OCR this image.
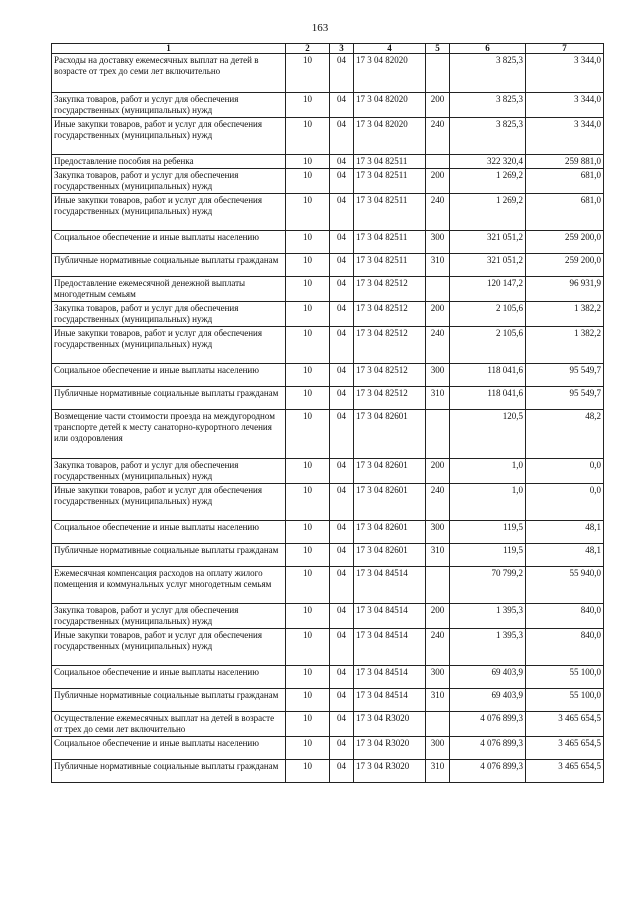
163
1	2	3	4	5	6	7
Расходы на доставку ежемесячных выплат на детей в возрасте от трех до семи лет включительно	10	04	17 3 04 82020		3 825,3	3 344,0
Закупка товаров, работ и услуг для обеспечения государственных (муниципальных) нужд	10	04	17 3 04 82020	200	3 825,3	3 344,0
Иные закупки товаров, работ и услуг для обеспечения государственных (муниципальных) нужд	10	04	17 3 04 82020	240	3 825,3	3 344,0
Предоставление пособия на ребенка	10	04	17 3 04 82511		322 320,4	259 881,0
Закупка товаров, работ и услуг для обеспечения государственных (муниципальных) нужд	10	04	17 3 04 82511	200	1 269,2	681,0
Иные закупки товаров, работ и услуг для обеспечения государственных (муниципальных) нужд	10	04	17 3 04 82511	240	1 269,2	681,0
Социальное обеспечение и иные выплаты населению	10	04	17 3 04 82511	300	321 051,2	259 200,0
Публичные нормативные социальные выплаты гражданам	10	04	17 3 04 82511	310	321 051,2	259 200,0
Предоставление ежемесячной денежной выплаты многодетным семьям	10	04	17 3 04 82512		120 147,2	96 931,9
Закупка товаров, работ и услуг для обеспечения государственных (муниципальных) нужд	10	04	17 3 04 82512	200	2 105,6	1 382,2
Иные закупки товаров, работ и услуг для обеспечения государственных (муниципальных) нужд	10	04	17 3 04 82512	240	2 105,6	1 382,2
Социальное обеспечение и иные выплаты населению	10	04	17 3 04 82512	300	118 041,6	95 549,7
Публичные нормативные социальные выплаты гражданам	10	04	17 3 04 82512	310	118 041,6	95 549,7
Возмещение части стоимости проезда на междугородном транспорте детей к месту санаторно-курортного лечения или оздоровления	10	04	17 3 04 82601		120,5	48,2
Закупка товаров, работ и услуг для обеспечения государственных (муниципальных) нужд	10	04	17 3 04 82601	200	1,0	0,0
Иные закупки товаров, работ и услуг для обеспечения государственных (муниципальных) нужд	10	04	17 3 04 82601	240	1,0	0,0
Социальное обеспечение и иные выплаты населению	10	04	17 3 04 82601	300	119,5	48,1
Публичные нормативные социальные выплаты гражданам	10	04	17 3 04 82601	310	119,5	48,1
Ежемесячная компенсация расходов на оплату жилого помещения и коммунальных услуг многодетным семьям	10	04	17 3 04 84514		70 799,2	55 940,0
Закупка товаров, работ и услуг для обеспечения государственных (муниципальных) нужд	10	04	17 3 04 84514	200	1 395,3	840,0
Иные закупки товаров, работ и услуг для обеспечения государственных (муниципальных) нужд	10	04	17 3 04 84514	240	1 395,3	840,0
Социальное обеспечение и иные выплаты населению	10	04	17 3 04 84514	300	69 403,9	55 100,0
Публичные нормативные социальные выплаты гражданам	10	04	17 3 04 84514	310	69 403,9	55 100,0
Осуществление ежемесячных выплат на детей в возрасте от трех до семи лет включительно	10	04	17 3 04 R3020		4 076 899,3	3 465 654,5
Социальное обеспечение и иные выплаты населению	10	04	17 3 04 R3020	300	4 076 899,3	3 465 654,5
Публичные нормативные социальные выплаты гражданам	10	04	17 3 04 R3020	310	4 076 899,3	3 465 654,5
